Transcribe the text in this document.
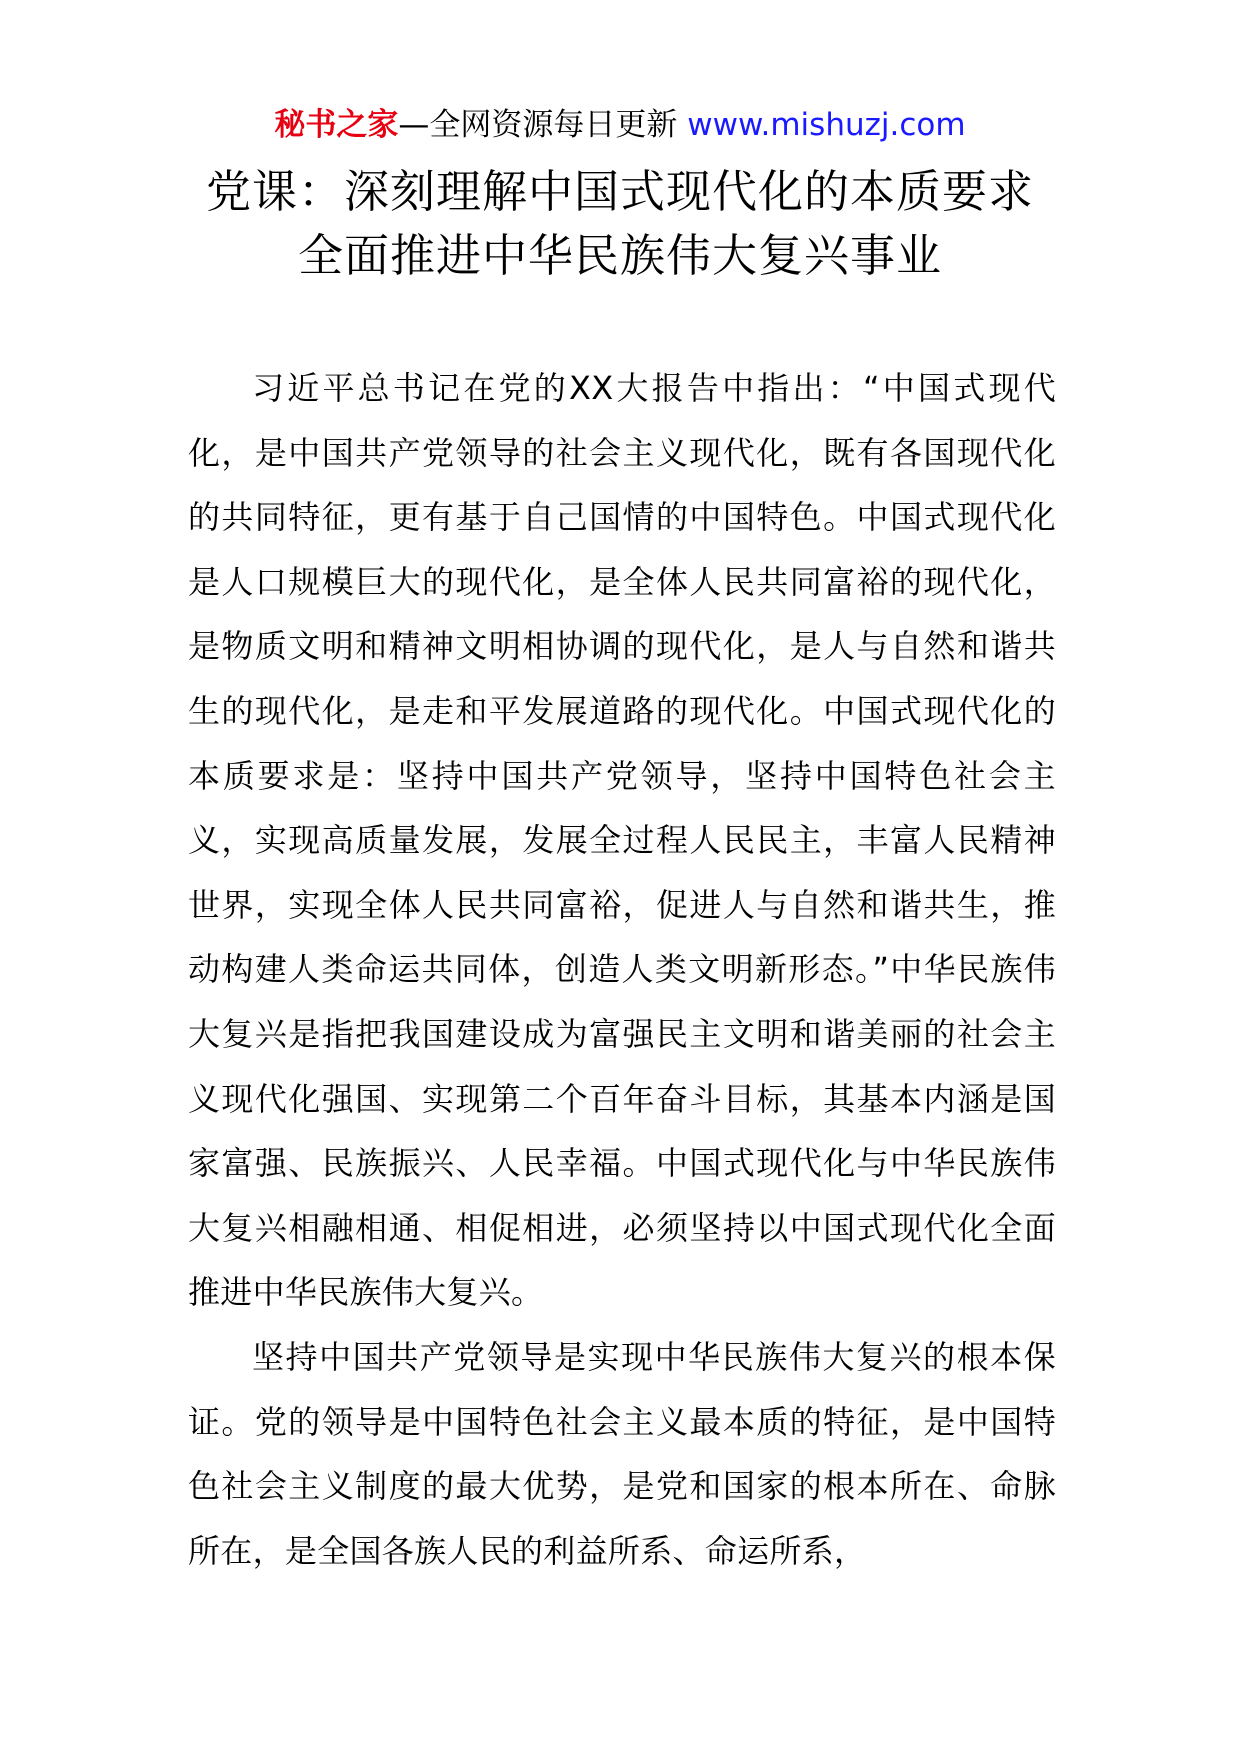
秘书之家—全网资源每日更新 www.mishuzj.com
党课：深刻理解中国式现代化的本质要求
全面推进中华民族伟大复兴事业

习近平总书记在党的XX大报告中指出：“中国式现代化，是中国共产党领导的社会主义现代化，既有各国现代化的共同特征，更有基于自己国情的中国特色。中国式现代化是人口规模巨大的现代化，是全体人民共同富裕的现代化，是物质文明和精神文明相协调的现代化，是人与自然和谐共生的现代化，是走和平发展道路的现代化。中国式现代化的本质要求是：坚持中国共产党领导，坚持中国特色社会主义，实现高质量发展，发展全过程人民民主，丰富人民精神世界，实现全体人民共同富裕，促进人与自然和谐共生，推动构建人类命运共同体，创造人类文明新形态。”中华民族伟大复兴是指把我国建设成为富强民主文明和谐美丽的社会主义现代化强国、实现第二个百年奋斗目标，其基本内涵是国家富强、民族振兴、人民幸福。中国式现代化与中华民族伟大复兴相融相通、相促相进，必须坚持以中国式现代化全面推进中华民族伟大复兴。

坚持中国共产党领导是实现中华民族伟大复兴的根本保证。党的领导是中国特色社会主义最本质的特征，是中国特色社会主义制度的最大优势，是党和国家的根本所在、命脉所在，是全国各族人民的利益所系、命运所系，
